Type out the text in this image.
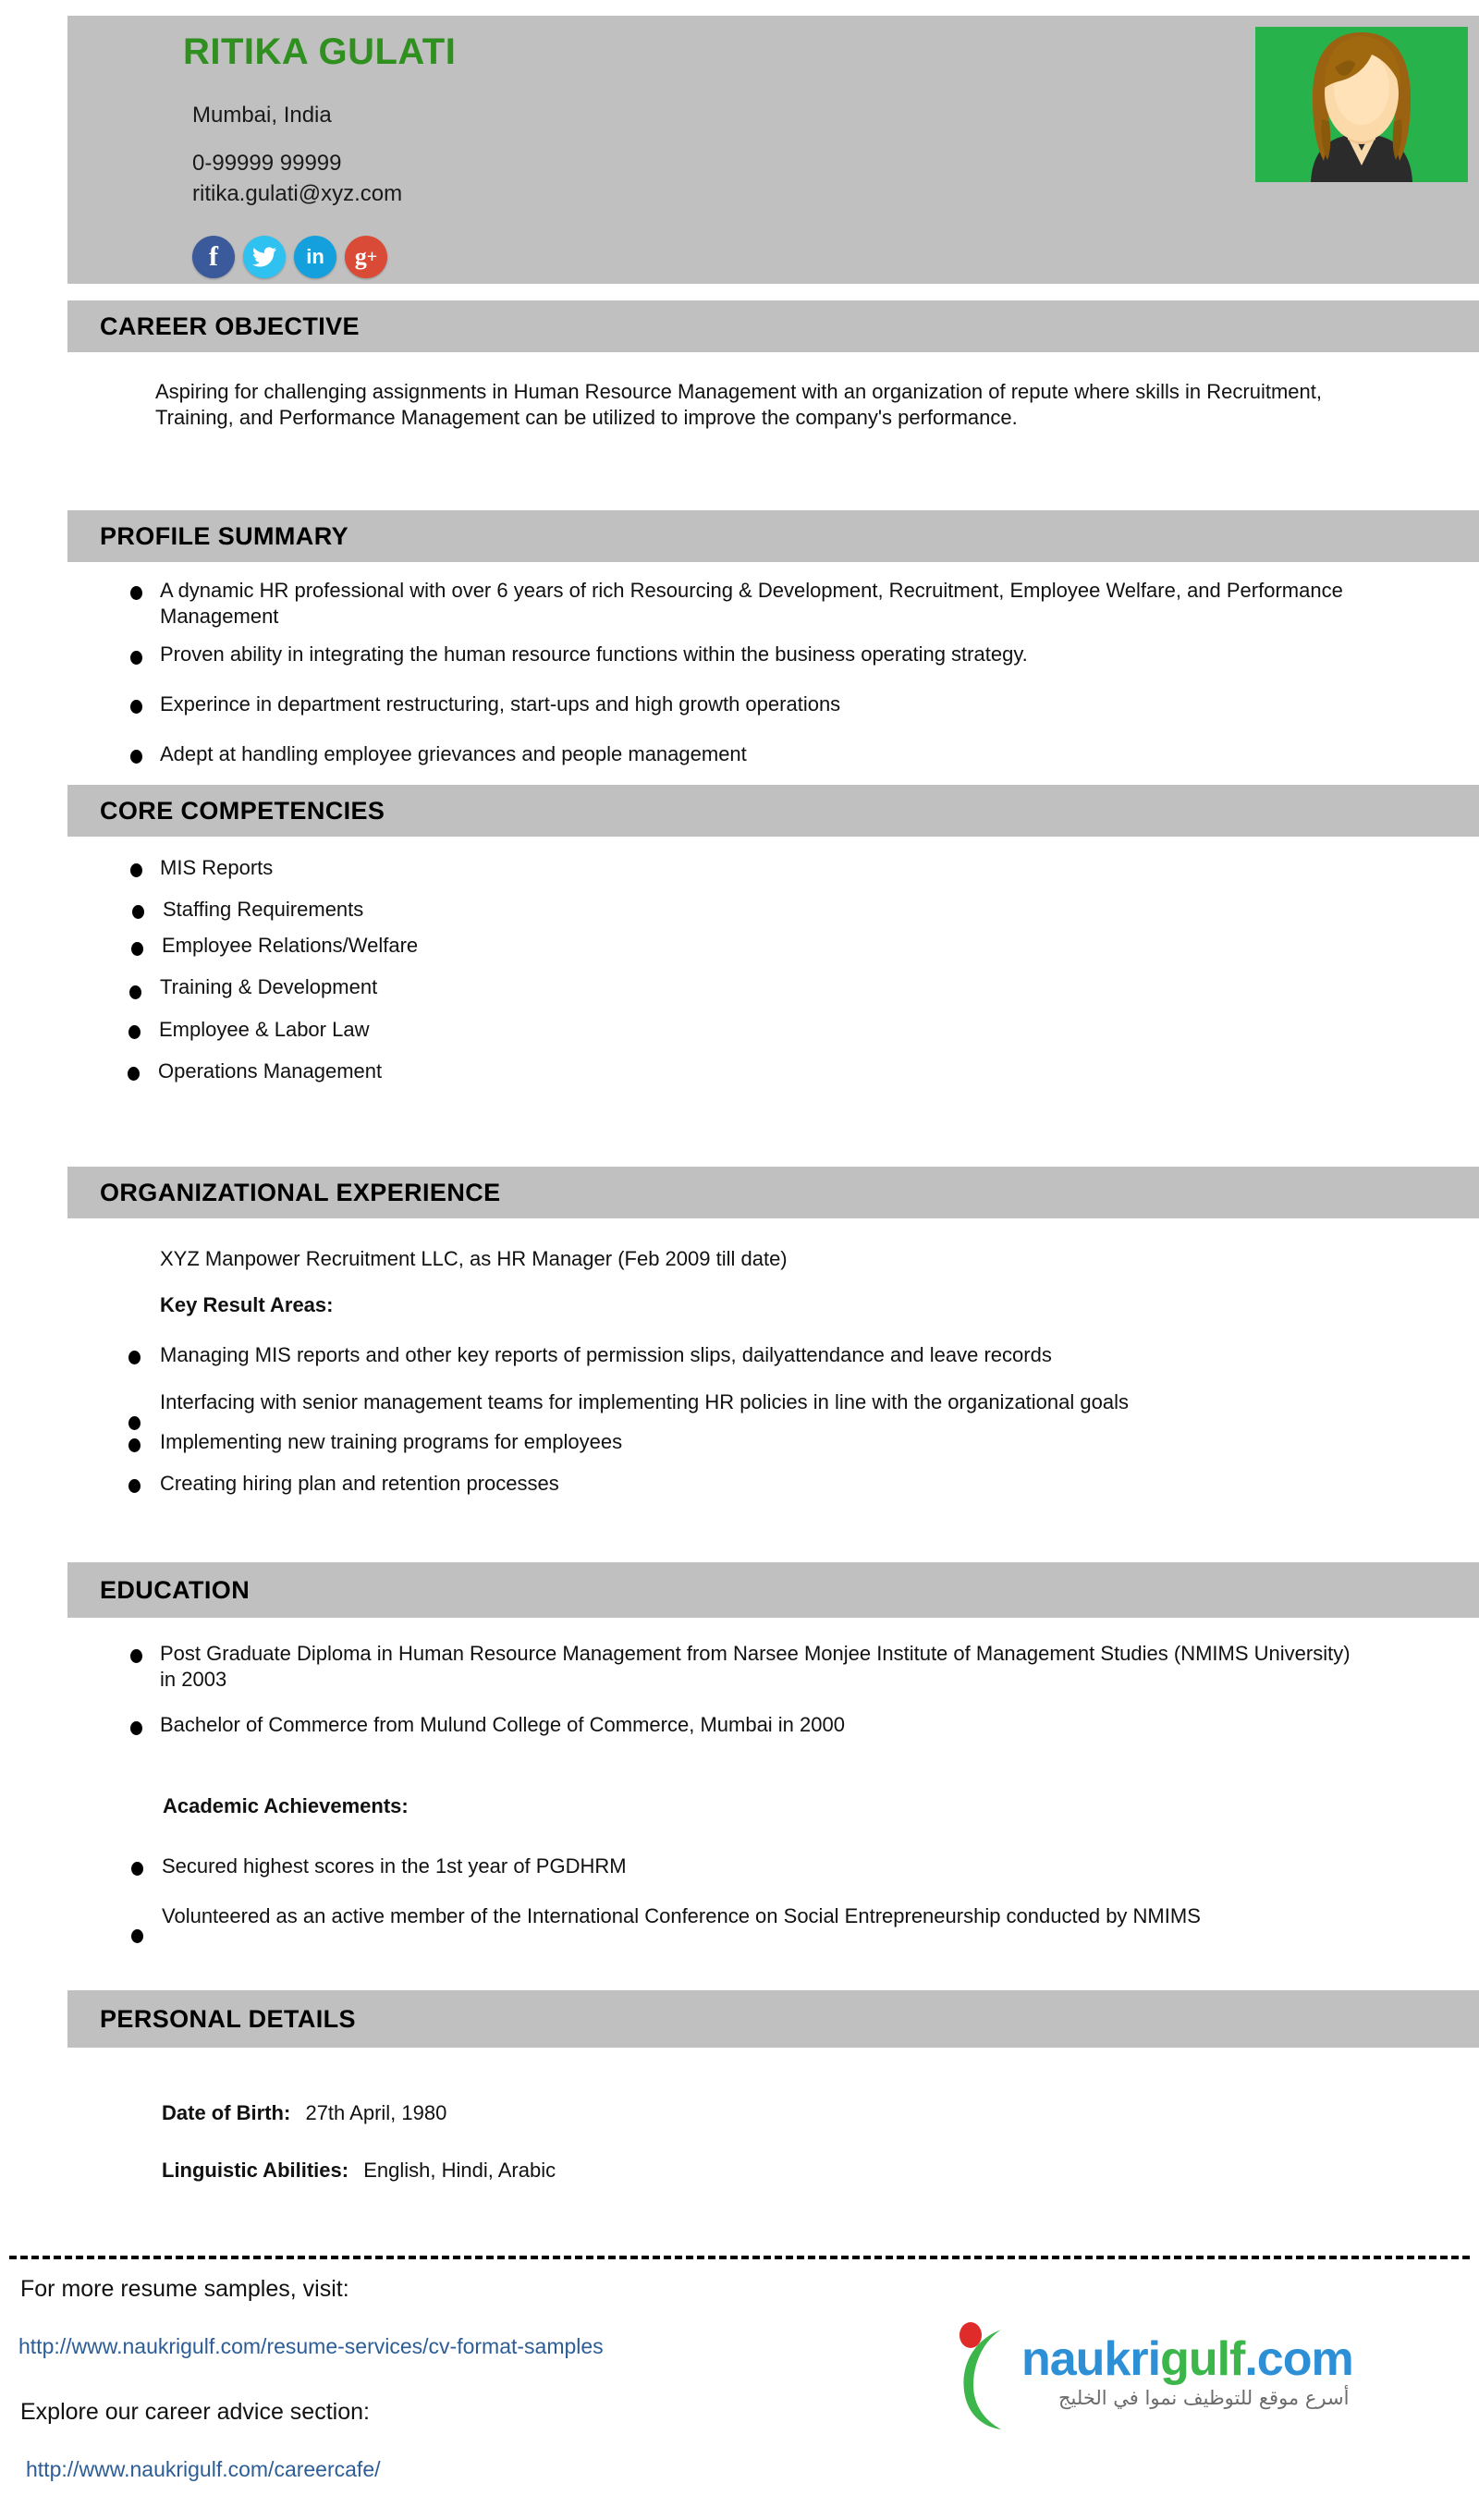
RITIKA GULATI
Mumbai, India
0-99999 99999
ritika.gulati@xyz.com
f	in	g +
CAREER OBJECTIVE
Aspiring for challenging assignments in Human Resource Management with an organization of repute where skills in Recruitment, Training, and Performance Management can be utilized to improve the company's performance.
PROFILE SUMMARY
A dynamic HR professional with over 6 years of rich Resourcing & Development, Recruitment, Employee Welfare, and Performance Management
Proven ability in integrating the human resource functions within the business operating strategy.
Experince in department restructuring, start-ups and high growth operations
Adept at handling employee grievances and people management
CORE COMPETENCIES
MIS Reports
Staffing Requirements
Employee Relations/Welfare
Training & Development
Employee & Labor Law
Operations Management
ORGANIZATIONAL EXPERIENCE
XYZ Manpower Recruitment LLC, as HR Manager (Feb 2009 till date)
Key Result Areas:
Managing MIS reports and other key reports of permission slips, dailyattendance and leave records
Interfacing with senior management teams for implementing HR policies in line with the organizational goals
Implementing new training programs for employees
Creating hiring plan and retention processes
EDUCATION
Post Graduate Diploma in Human Resource Management from Narsee Monjee Institute of Management Studies (NMIMS University) in 2003
Bachelor of Commerce from Mulund College of Commerce, Mumbai in 2000
Academic Achievements:
Secured highest scores in the 1st year of PGDHRM
Volunteered as an active member of the International Conference on Social Entrepreneurship conducted by NMIMS
PERSONAL DETAILS
Date of Birth: 27th April, 1980
Linguistic Abilities: English, Hindi, Arabic
For more resume samples, visit:
http://www.naukrigulf.com/resume-services/cv-format-samples
Explore our career advice section:
http://www.naukrigulf.com/careercafe/
naukrigulf.com
أسرع موقع للتوظيف نموا في الخليج
